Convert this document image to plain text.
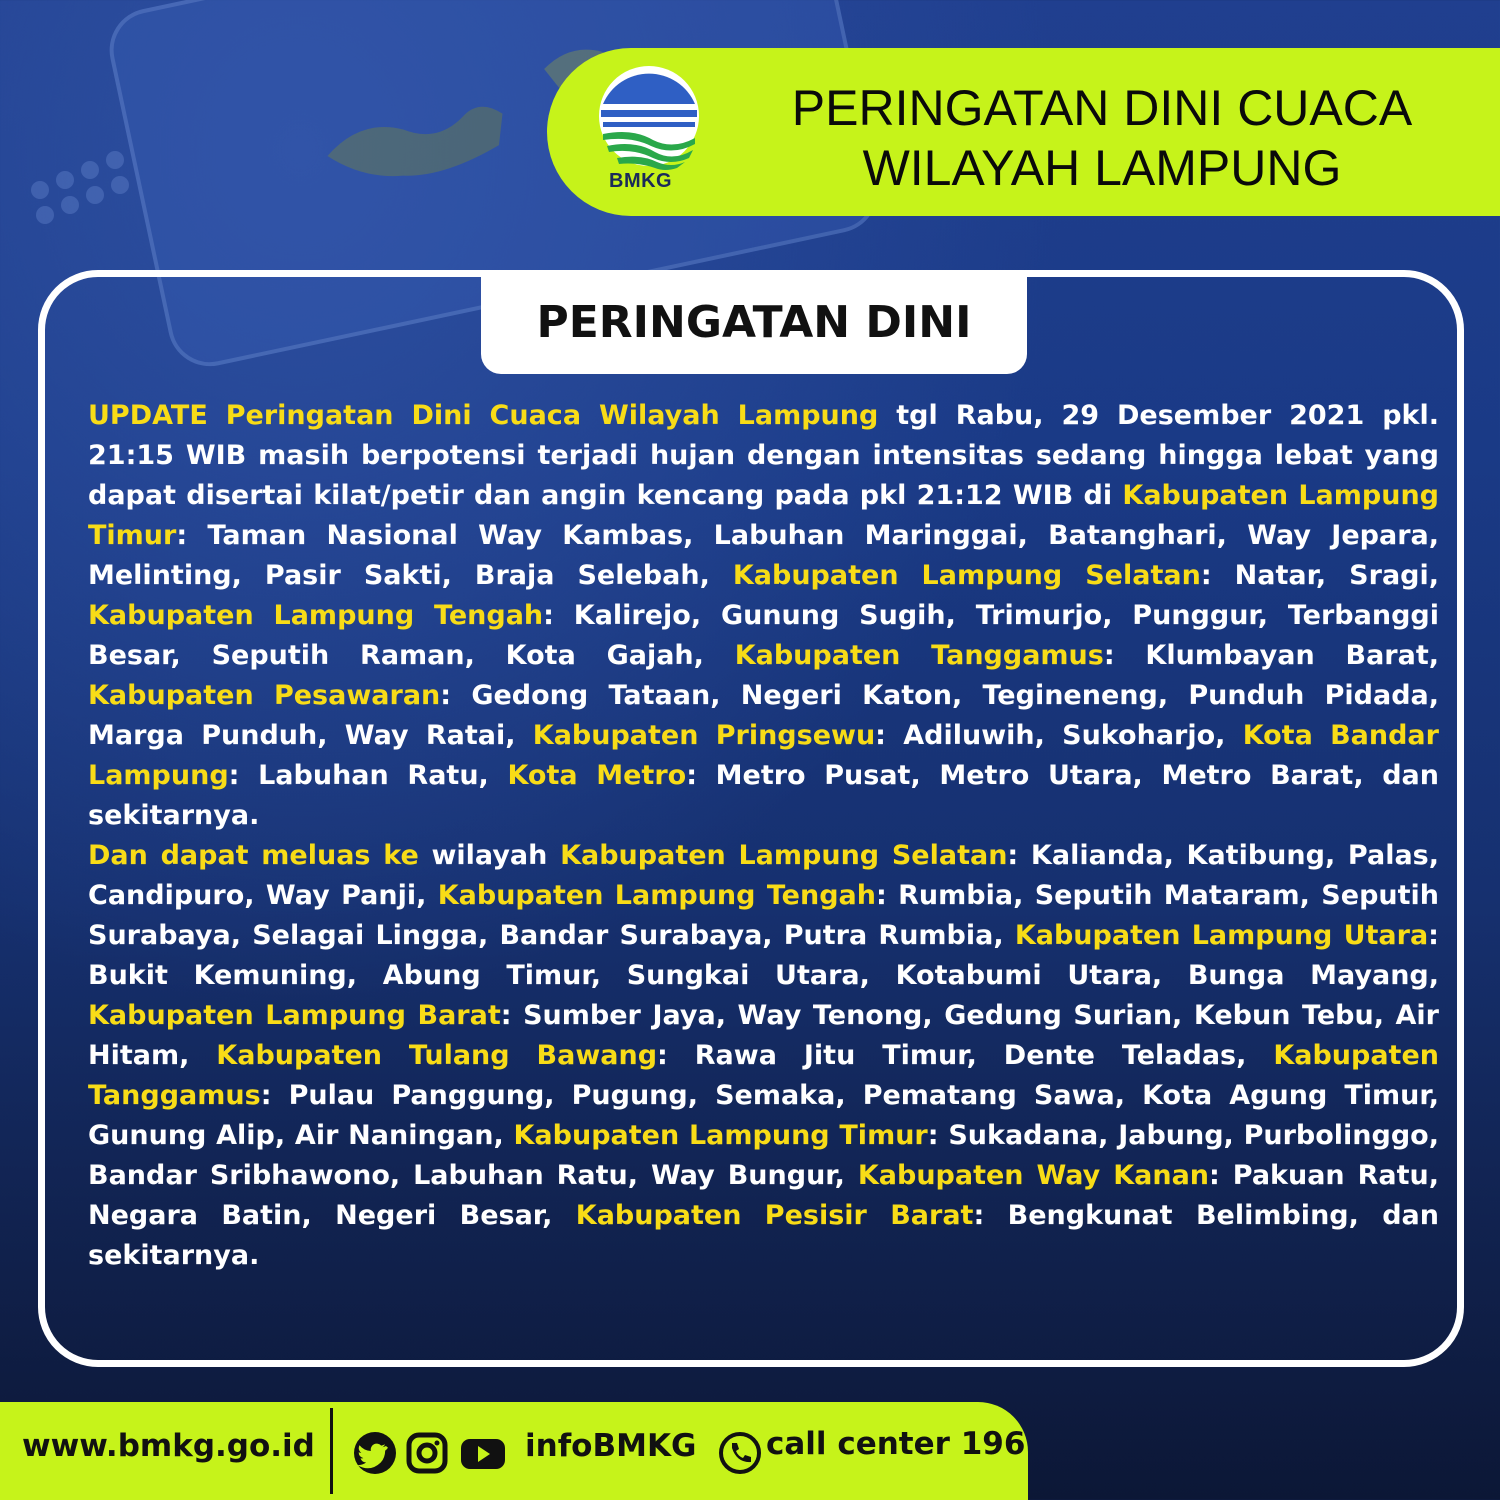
BMKG
PERINGATAN DINI CUACA
WILAYAH LAMPUNG
PERINGATAN DINI

UPDATE Peringatan Dini Cuaca Wilayah Lampung tgl Rabu, 29 Desember 2021 pkl. 21:15 WIB masih berpotensi terjadi hujan dengan intensitas sedang hingga lebat yang dapat disertai kilat/petir dan angin kencang pada pkl 21:12 WIB di Kabupaten Lampung Timur: Taman Nasional Way Kambas, Labuhan Maringgai, Batanghari, Way Jepara, Melinting, Pasir Sakti, Braja Selebah, Kabupaten Lampung Selatan: Natar, Sragi, Kabupaten Lampung Tengah: Kalirejo, Gunung Sugih, Trimurjo, Punggur, Terbanggi Besar, Seputih Raman, Kota Gajah, Kabupaten Tanggamus: Klumbayan Barat, Kabupaten Pesawaran: Gedong Tataan, Negeri Katon, Tegineneng, Punduh Pidada, Marga Punduh, Way Ratai, Kabupaten Pringsewu: Adiluwih, Sukoharjo, Kota Bandar Lampung: Labuhan Ratu, Kota Metro: Metro Pusat, Metro Utara, Metro Barat, dan sekitarnya.

Dan dapat meluas ke wilayah Kabupaten Lampung Selatan: Kalianda, Katibung, Palas, Candipuro, Way Panji, Kabupaten Lampung Tengah: Rumbia, Seputih Mataram, Seputih Surabaya, Selagai Lingga, Bandar Surabaya, Putra Rumbia, Kabupaten Lampung Utara: Bukit Kemuning, Abung Timur, Sungkai Utara, Kotabumi Utara, Bunga Mayang, Kabupaten Lampung Barat: Sumber Jaya, Way Tenong, Gedung Surian, Kebun Tebu, Air Hitam, Kabupaten Tulang Bawang: Rawa Jitu Timur, Dente Teladas, Kabupaten Tanggamus: Pulau Panggung, Pugung, Semaka, Pematang Sawa, Kota Agung Timur, Gunung Alip, Air Naningan, Kabupaten Lampung Timur: Sukadana, Jabung, Purbolinggo, Bandar Sribhawono, Labuhan Ratu, Way Bungur, Kabupaten Way Kanan: Pakuan Ratu, Negara Batin, Negeri Besar, Kabupaten Pesisir Barat: Bengkunat Belimbing, dan sekitarnya.

www.bmkg.go.id	infoBMKG call center 196
